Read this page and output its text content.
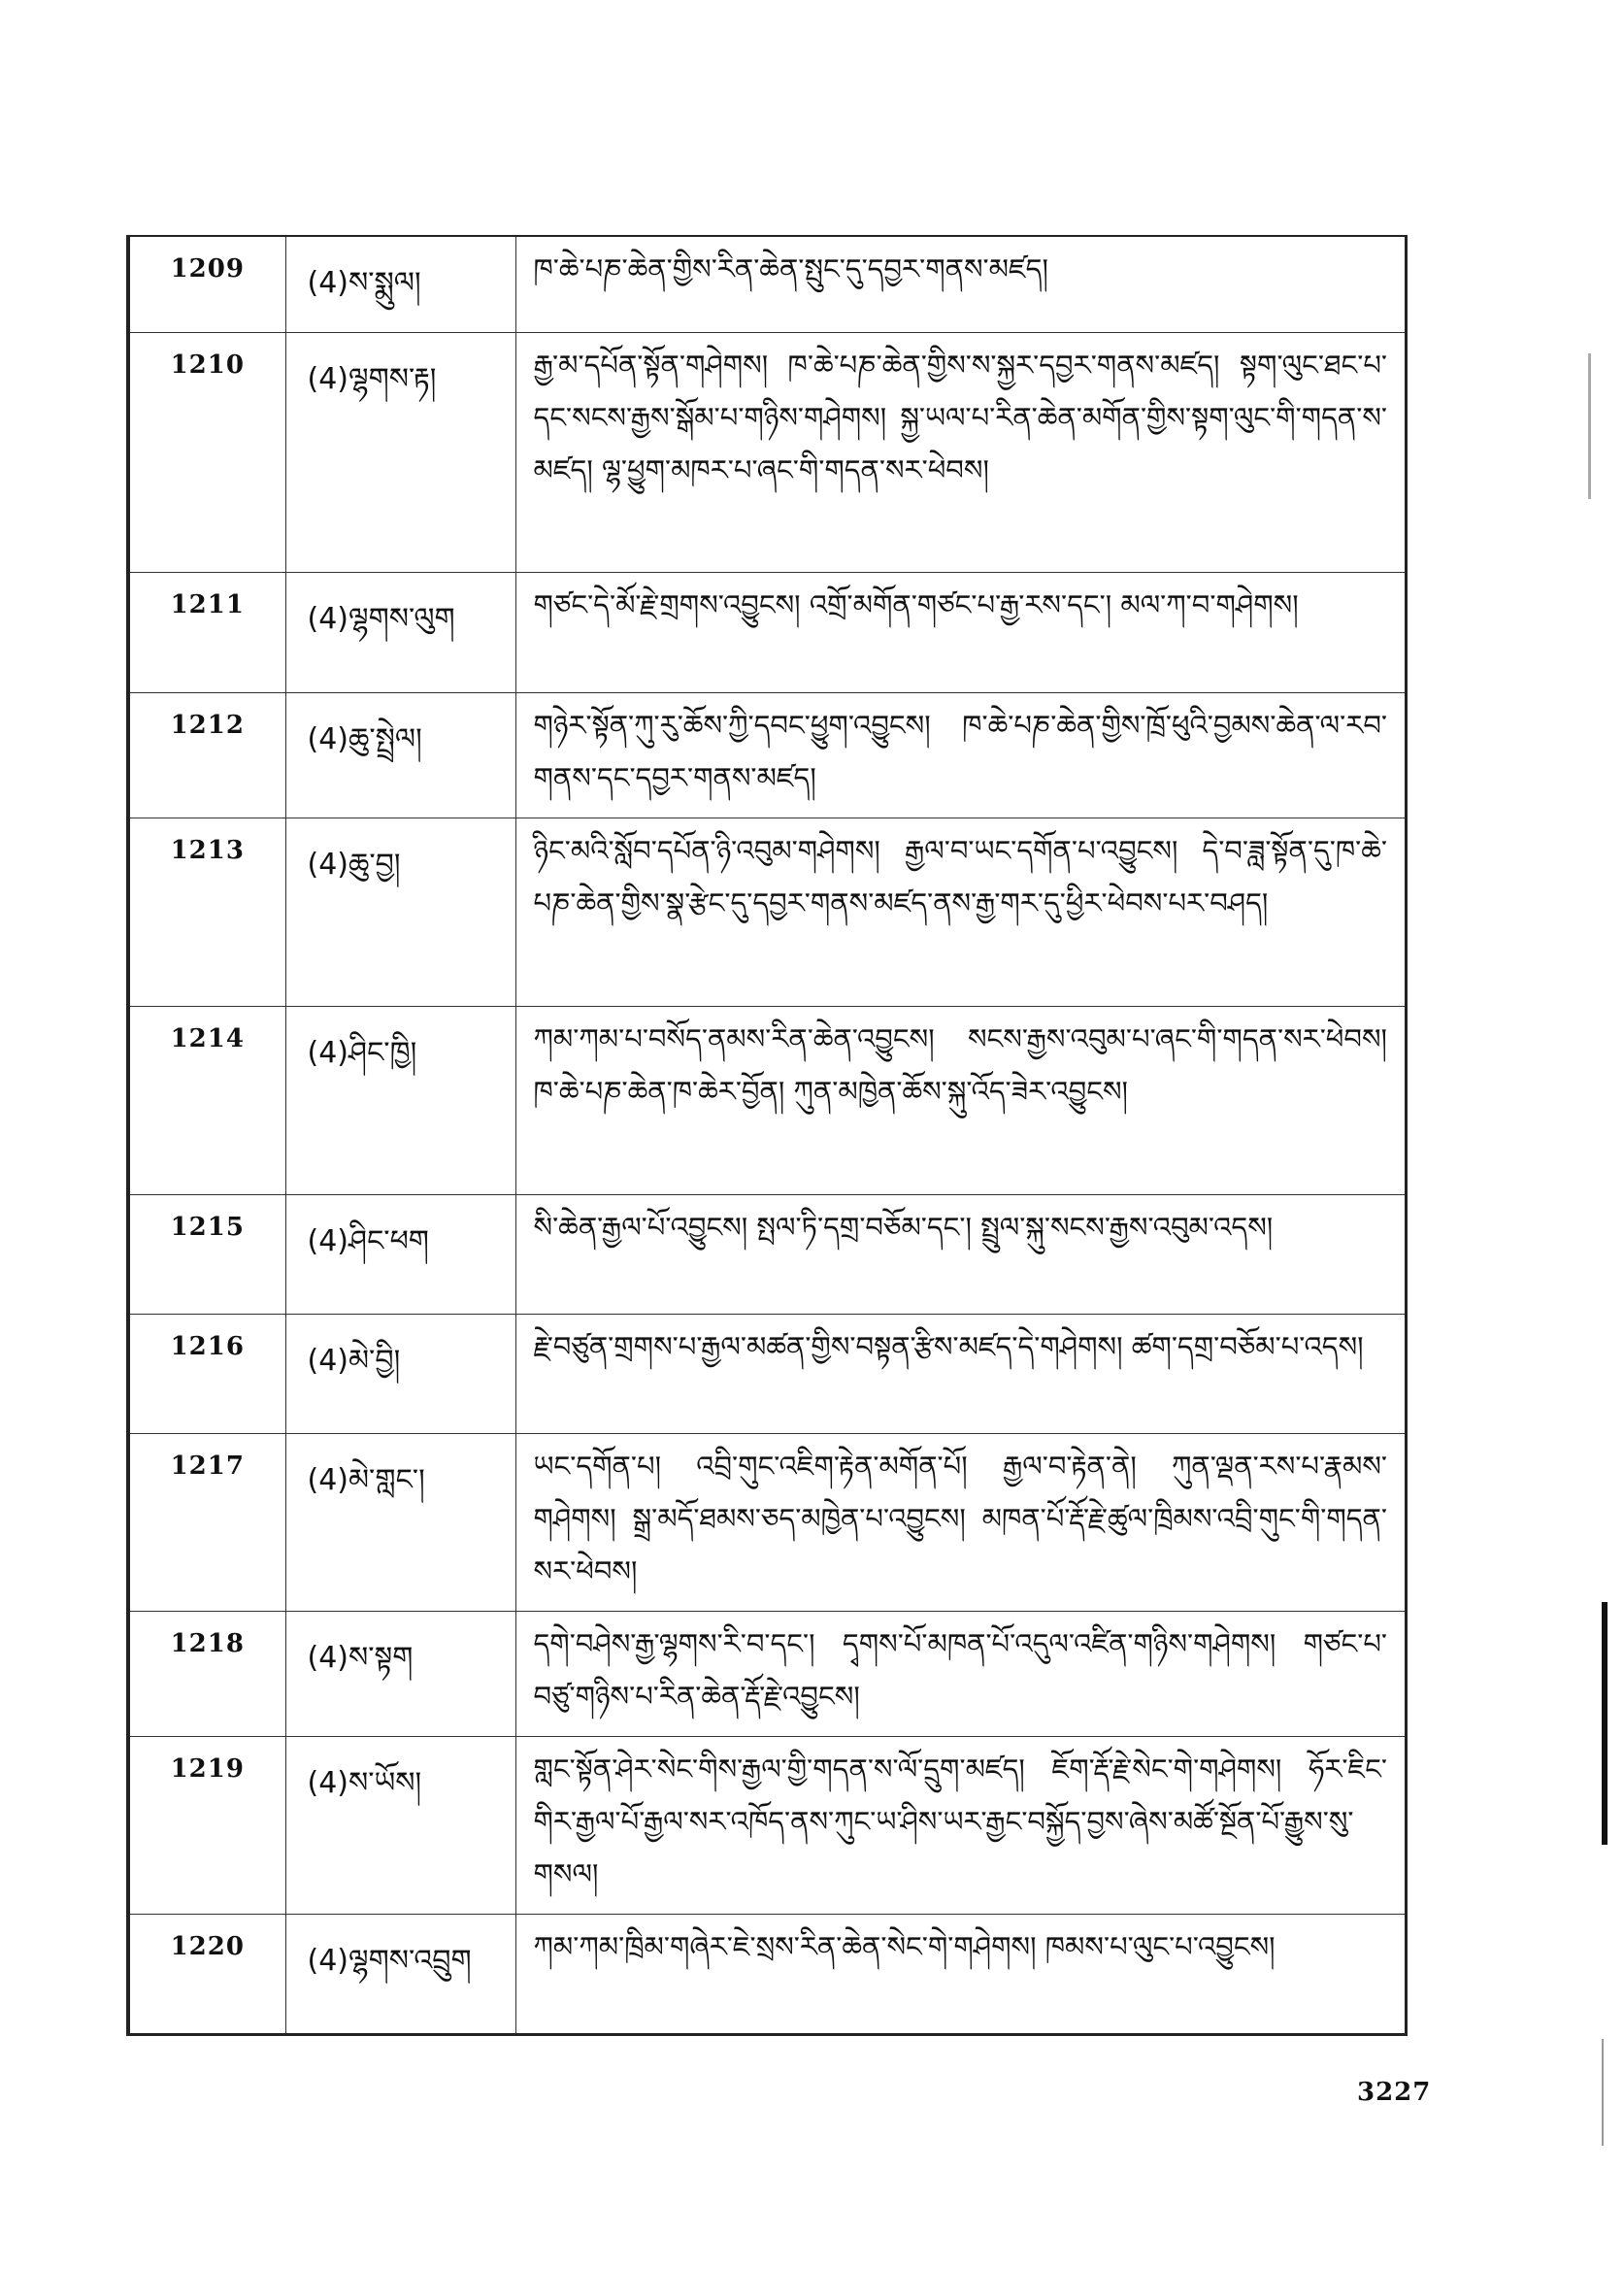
1209	(4)ས་སྨུལ།	ཁ་ཆེ་པཎ་ཆེན་གྱིས་རིན་ཆེན་སྤུང་དུ་དབྱར་གནས་མཛད།
1210	(4)ལྷགས་རྟ།	རྒྱ་མ་དཔོན་སྟོན་གཤེགས། ཁ་ཆེ་པཎ་ཆེན་གྱིས་ས་སྐྱར་དབྱར་གནས་མཛད། སྟག་ལུང་ཐང་པ་དང་སངས་རྒྱས་སྒོམ་པ་གཉིས་གཤེགས། སྐྱ་ཡལ་པ་རིན་ཆེན་མགོན་གྱིས་སྟག་ལུང་གི་གདན་ས་མཛད། ལྷ་ཕྱུག་མཁར་པ་ཞང་གི་གདན་སར་ཕེབས།
1211	(4)ལྷགས་ལུག	གཙང་དེ་མོ་རྗེ་གྲགས་འབྱུངས། འགྲོ་མགོན་གཙང་པ་རྒྱ་རས་དང་། མལ་ཀ་བ་གཤེགས།
1212	(4)ཆུ་སྤྲེལ།	གཉེར་སྟོན་ཀུ་རུ་ཆོས་ཀྱི་དབང་ཕྱུག་འབྱུངས། ཁ་ཆེ་པཎ་ཆེན་གྱིས་ཁྲོ་ཕུའི་བྱམས་ཆེན་ལ་རབ་གནས་དང་དབྱར་གནས་མཛད།
1213	(4)ཆུ་བྱ།	ཉིང་མའི་སློབ་དཔོན་ཉི་འབུམ་གཤེགས། རྒྱལ་བ་ཡང་དགོན་པ་འབྱུངས། དེ་བ་ཟླ་སྟོན་དུ་ཁ་ཆེ་པཎ་ཆེན་གྱིས་སྣ་རྩེང་དུ་དབྱར་གནས་མཛད་ནས་རྒྱ་གར་དུ་ཕྱིར་ཕེབས་པར་བཤད།
1214	(4)ཤིང་ཁྱི།	ཀམ་ཀམ་པ་བསོད་ནམས་རིན་ཆེན་འབྱུངས། སངས་རྒྱས་འབུམ་པ་ཞང་གི་གདན་སར་ཕེབས། ཁ་ཆེ་པཎ་ཆེན་ཁ་ཆེར་བྱོན། ཀུན་མཁྱེན་ཆོས་སྐུ་འོད་ཟེར་འབྱུངས།
1215	(4)ཤིང་ཕག	སི་ཆེན་རྒྱལ་པོ་འབྱུངས། སྤལ་ཏི་དགྲ་བཅོམ་དང་། སྤྲུལ་སྐུ་སངས་རྒྱས་འབུམ་འདས།
1216	(4)མེ་བྱི།	རྗེ་བཙུན་གྲགས་པ་རྒྱལ་མཚན་གྱིས་བསྟན་རྩིས་མཛད་དེ་གཤེགས། ཚག་དགྲ་བཅོམ་པ་འདས།
1217	(4)མེ་གླང་།	ཡང་དགོན་པ། འབྲི་གུང་འཇིག་རྟེན་མགོན་པོ། རྒྱལ་བ་རྟེན་ནེ། ཀུན་ལྡན་རས་པ་རྣམས་གཤེགས། སྒྲ་མདོ་ཐམས་ཅད་མཁྱེན་པ་འབྱུངས། མཁན་པོ་རྡོ་རྗེ་ཚུལ་ཁྲིམས་འབྲི་གུང་གི་གདན་སར་ཕེབས།
1218	(4)ས་སྟག	དགེ་བཤེས་རྒྱ་ལྷགས་རི་བ་དང་། དྭགས་པོ་མཁན་པོ་འདུལ་འཛིན་གཉིས་གཤེགས། གཙང་པ་བཙུ་གཉིས་པ་རིན་ཆེན་རྡོ་རྗེ་འབྱུངས།
1219	(4)ས་ཡོས།	གླང་སྟོན་ཤེར་སེང་གིས་རྒྱལ་གྱི་གདན་ས་ལོ་དྲུག་མཛད། ཇོག་རྡོ་རྗེ་སེང་གེ་གཤེགས། ཧོར་ཇིང་གིར་རྒྱལ་པོ་རྒྱལ་སར་འཁོད་ནས་ཀུང་ཡ་ཤིས་ཡར་རྒྱང་བསྐྱོད་བྱས་ཞེས་མཚོ་སྔོན་པོ་རྒྱུས་སུ་གསལ།
1220	(4)ལྷགས་འབྲུག	ཀམ་ཀམ་ཁྲིམ་གཞེར་ཇེ་སྲས་རིན་ཆེན་སེང་གེ་གཤེགས། ཁམས་པ་ལུང་པ་འབྱུངས།
3227
